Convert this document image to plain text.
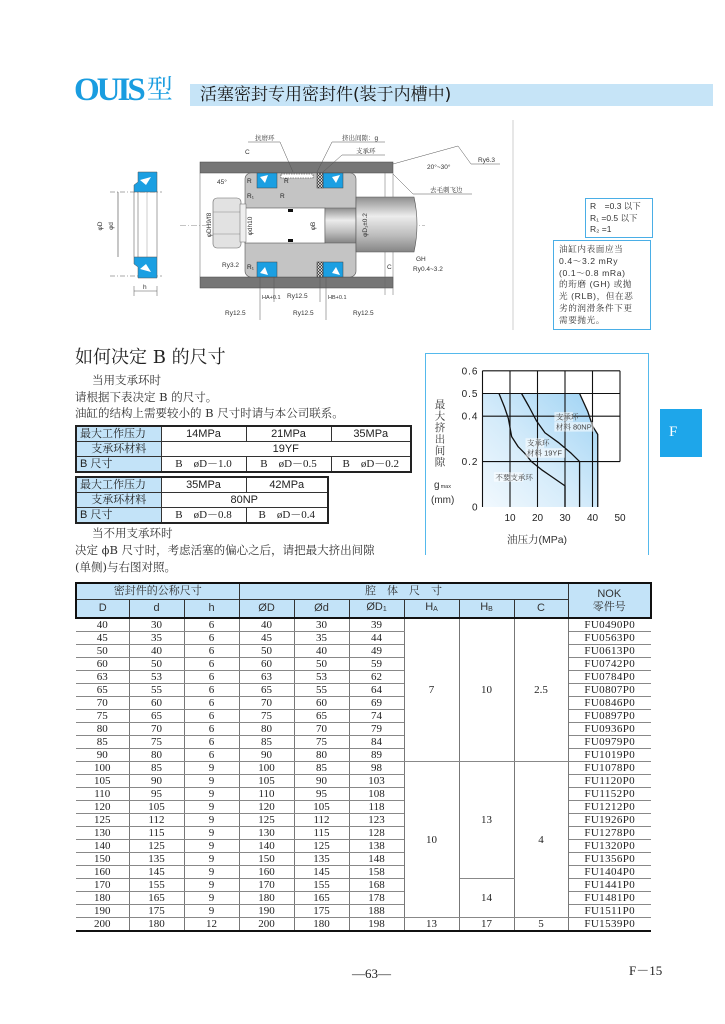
OUIS 型 活塞密封专用密封件(装于内槽中)
φD φd
h
抗磨环	挤出间隙：g
支承环
Ry6.3
20°~30°
去毛刺飞边
C
45°	R	R
R₁	R
φDH9/f8	φdh10	φB	φD₁±0.2
Ry3.2 R₁
GH
Ry0.4~3.2
C
HA+0.1 Ry12.5	HB+0.1
Ry12.5	Ry12.5	Ry12.5
R　=0.3 以下
R₁ =0.5 以下
R₂ =1
油缸内表面应当
0.4～3.2 mRy
(0.1～0.8 mRa)
的珩磨 (GH) 或抛
光 (RLB)，但在恶
劣的润滑条件下更
需要抛光。
如何决定 B 的尺寸
当用支承环时
请根据下表决定 B 的尺寸。
油缸的结构上需要较小的 B 尺寸时请与本公司联系。
最大工作压力	14MPa	21MPa	35MPa
支承环材料	19YF		
B 尺寸	B　øD－1.0	B　øD－0.5	B　øD－0.2
最大工作压力	35MPa	42MPa
支承环材料	80NP	
B 尺寸	B　øD－0.8	B　øD－0.4
当不用支承环时
决定 ϕB 尺寸时，考虑活塞的偏心之后，请把最大挤出间隙
(单侧)与右图对照。
不要支承环
支承环
材料 19YF
支承环
材料 80NP
0
0.2
0.4
0.5
0.6
10 20 30 40 50
油压力(MPa)
最
大
挤
出
间
隙
gmax
(mm)
F
密封件的公称尺寸			腔　体　尺　寸						NOK
零件号

D	d	h	ØD	Ød	$ØD_1$	$H_A$	$H_B$	C	
40	30	6	40	30	39	7	10	2.5	FU0490P0
45	35	6	45	35	44				FU0563P0
50	40	6	50	40	49				FU0613P0
60	50	6	60	50	59				FU0742P0
63	53	6	63	53	62				FU0784P0
65	55	6	65	55	64				FU0807P0
70	60	6	70	60	69				FU0846P0
75	65	6	75	65	74				FU0897P0
80	70	6	80	70	79				FU0936P0
85	75	6	85	75	84				FU0979P0
90	80	6	90	80	89				FU1019P0
100	85	9	100	85	98	10	13	4	FU1078P0
105	90	9	105	90	103				FU1120P0
110	95	9	110	95	108				FU1152P0
120	105	9	120	105	118				FU1212P0
125	112	9	125	112	123				FU1926P0
130	115	9	130	115	128				FU1278P0
140	125	9	140	125	138				FU1320P0
150	135	9	150	135	148				FU1356P0
160	145	9	160	145	158				FU1404P0
170	155	9	170	155	168		14		FU1441P0
180	165	9	180	165	178				FU1481P0
190	175	9	190	175	188				FU1511P0
200	180	12	200	180	198	13	17	5	FU1539P0
—63—	F－15
